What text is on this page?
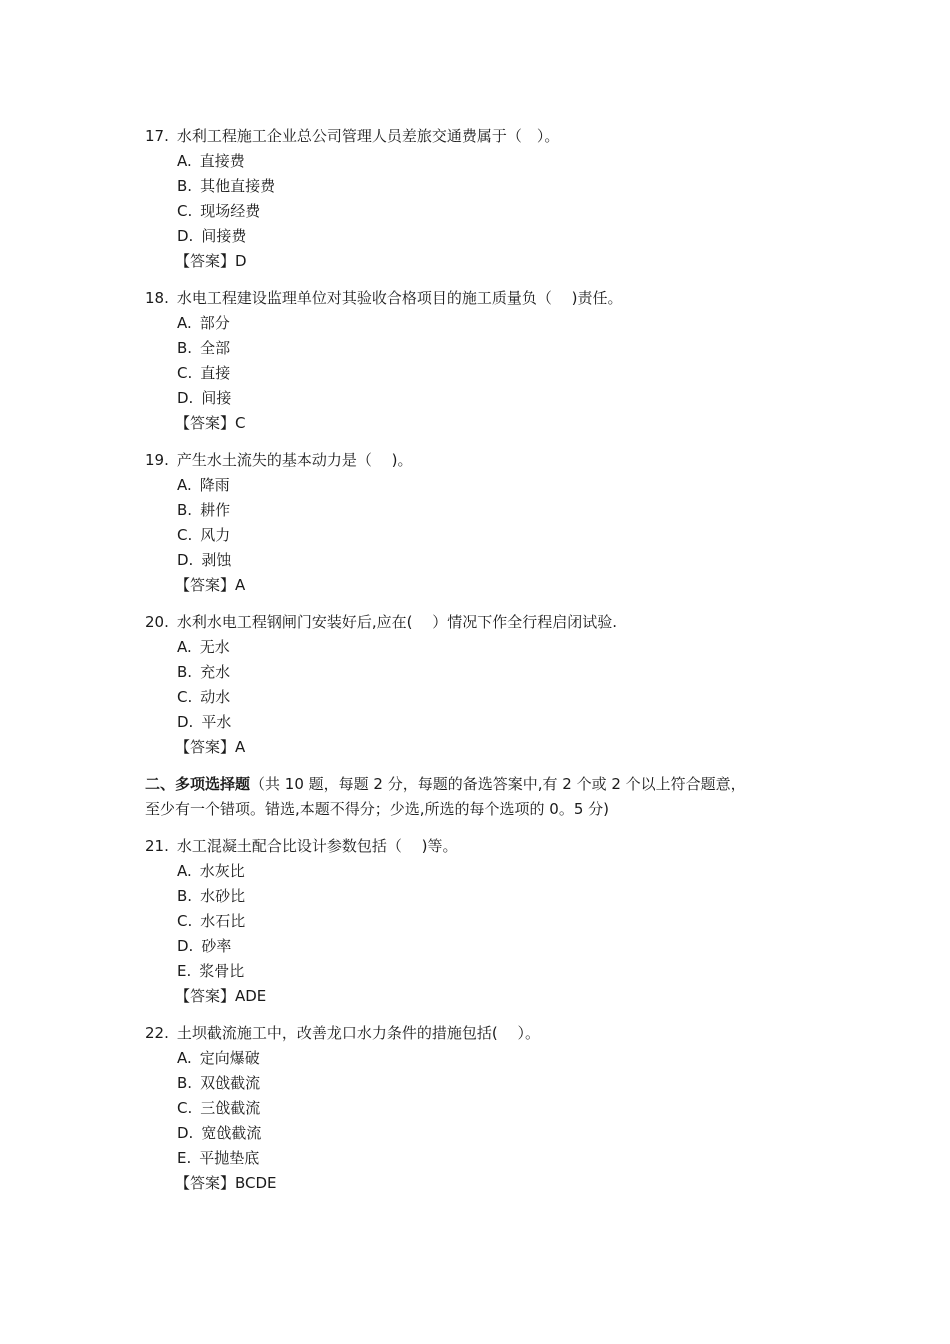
17. 水利工程施工企业总公司管理人员差旅交通费属于（　）。
A. 直接费
B. 其他直接费
C. 现场经费
D. 间接费
【答案】D
18. 水电工程建设监理单位对其验收合格项目的施工质量负（　 )责任。
A. 部分
B. 全部
C. 直接
D. 间接
【答案】C
19. 产生水土流失的基本动力是（　 )。
A. 降雨
B. 耕作
C. 风力
D. 剥蚀
【答案】A
20. 水利水电工程钢闸门安装好后,应在(　 ）情况下作全行程启闭试验.
A. 无水
B. 充水
C. 动水
D. 平水
【答案】A
二、多项选择题（共 10 题，每题 2 分，每题的备选答案中,有 2 个或 2 个以上符合题意，
至少有一个错项。错选,本题不得分；少选,所选的每个选项的 0。5 分)
21. 水工混凝土配合比设计参数包括（　 )等。
A. 水灰比
B. 水砂比
C. 水石比
D. 砂率
E. 浆骨比
【答案】ADE
22. 土坝截流施工中，改善龙口水力条件的措施包括(　 ）。
A. 定向爆破
B. 双戗截流
C. 三戗截流
D. 宽戗截流
E. 平抛垫底
【答案】BCDE
